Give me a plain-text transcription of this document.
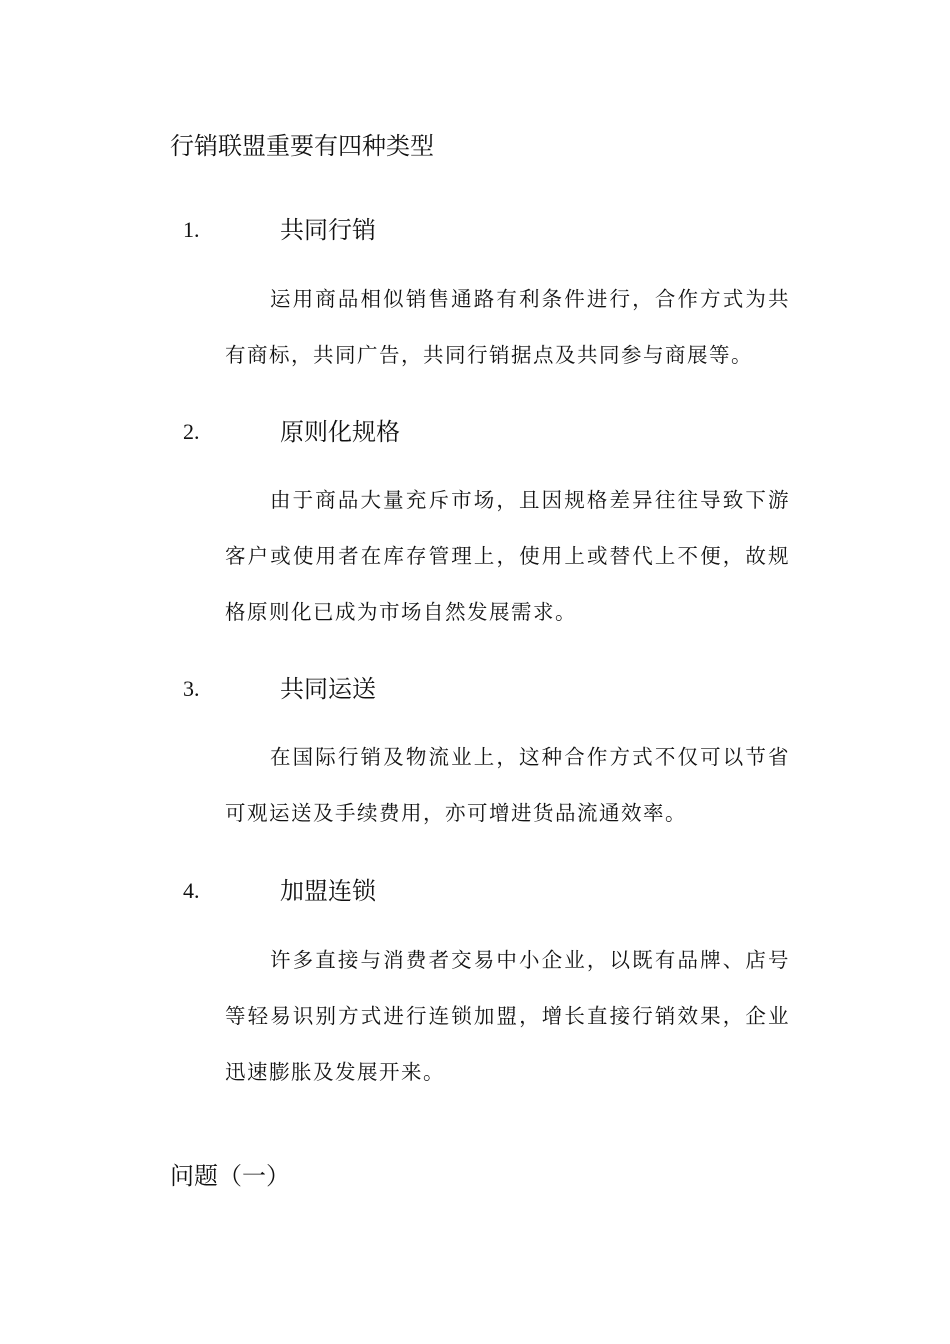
行销联盟重要有四种类型
1.	共同行销

运用商品相似销售通路有利条件进行，合作方式为共有商标，共同广告，共同行销据点及共同参与商展等。

2.	原则化规格

由于商品大量充斥市场，且因规格差异往往导致下游客户或使用者在库存管理上，使用上或替代上不便，故规格原则化已成为市场自然发展需求。

3.	共同运送

在国际行销及物流业上，这种合作方式不仅可以节省可观运送及手续费用，亦可增进货品流通效率。

4.	加盟连锁

许多直接与消费者交易中小企业，以既有品牌、店号等轻易识别方式进行连锁加盟，增长直接行销效果，企业迅速膨胀及发展开来。

问题（一）
